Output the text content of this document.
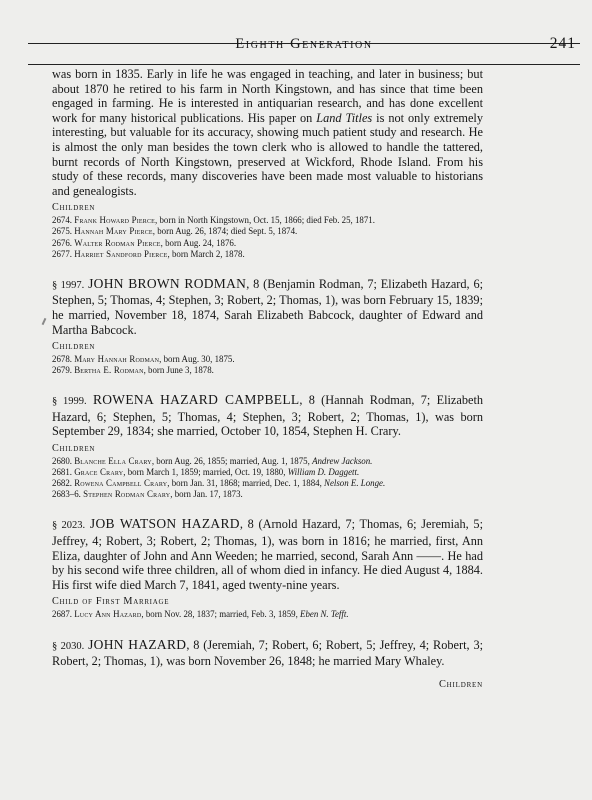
Eighth Generation	241

was born in 1835. Early in life he was engaged in teaching, and later in business; but about 1870 he retired to his farm in North Kingstown, and has since that time been engaged in farming. He is interested in antiquarian research, and has done excellent work for many historical publications. His paper on Land Titles is not only extremely interesting, but valuable for its accuracy, showing much patient study and research. He is almost the only man besides the town clerk who is allowed to handle the tattered, burnt records of North Kingstown, preserved at Wickford, Rhode Island. From his study of these records, many discoveries have been made most valuable to historians and genealogists.

Children

2674. Frank Howard Pierce, born in North Kingstown, Oct. 15, 1866; died Feb. 25, 1871.

2675. Hannah Mary Pierce, born Aug. 26, 1874; died Sept. 5, 1874.

2676. Walter Rodman Pierce, born Aug. 24, 1876.

2677. Harriet Sandford Pierce, born March 2, 1878.

§ 1997. JOHN BROWN RODMAN, 8 (Benjamin Rodman, 7; Elizabeth Hazard, 6; Stephen, 5; Thomas, 4; Stephen, 3; Robert, 2; Thomas, 1), was born February 15, 1839; he married, November 18, 1874, Sarah Elizabeth Babcock, daughter of Edward and Martha Babcock.

Children

2678. Mary Hannah Rodman, born Aug. 30, 1875.

2679. Bertha E. Rodman, born June 3, 1878.

§ 1999. ROWENA HAZARD CAMPBELL, 8 (Hannah Rodman, 7; Elizabeth Hazard, 6; Stephen, 5; Thomas, 4; Stephen, 3; Robert, 2; Thomas, 1), was born September 29, 1834; she married, October 10, 1854, Stephen H. Crary.

Children

2680. Blanche Ella Crary, born Aug. 26, 1855; married, Aug. 1, 1875, Andrew Jackson.

2681. Grace Crary, born March 1, 1859; married, Oct. 19, 1880, William D. Daggett.

2682. Rowena Campbell Crary, born Jan. 31, 1868; married, Dec. 1, 1884, Nelson E. Longe.

2683–6. Stephen Rodman Crary, born Jan. 17, 1873.

§ 2023. JOB WATSON HAZARD, 8 (Arnold Hazard, 7; Thomas, 6; Jeremiah, 5; Jeffrey, 4; Robert, 3; Robert, 2; Thomas, 1), was born in 1816; he married, first, Ann Eliza, daughter of John and Ann Weeden; he married, second, Sarah Ann ——. He had by his second wife three children, all of whom died in infancy. He died August 4, 1884. His first wife died March 7, 1841, aged twenty-nine years.

Child of First Marriage

2687. Lucy Ann Hazard, born Nov. 28, 1837; married, Feb. 3, 1859, Eben N. Tefft.

§ 2030. JOHN HAZARD, 8 (Jeremiah, 7; Robert, 6; Robert, 5; Jeffrey, 4; Robert, 3; Robert, 2; Thomas, 1), was born November 26, 1848; he married Mary Whaley.

Children
